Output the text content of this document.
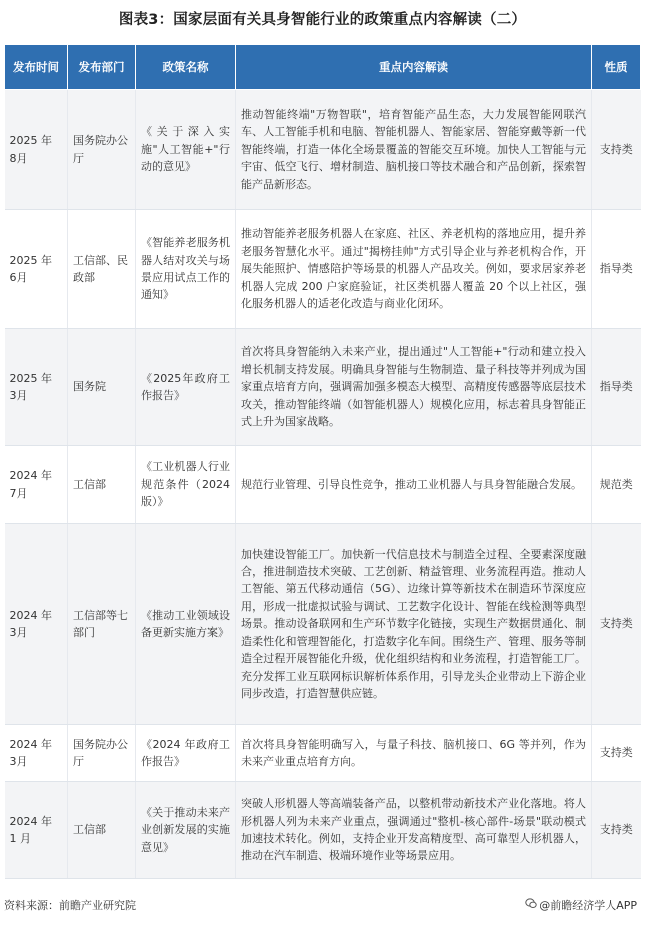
图表3：国家层面有关具身智能行业的政策重点内容解读（二）
发布时间	发布部门	政策名称	重点内容解读	性质
2025 年 8月	国务院办公厅	《关于深入实施"人工智能+"行动的意见》	推动智能终端"万物智联"，培育智能产品生态，大力发展智能网联汽车、人工智能手机和电脑、智能机器人、智能家居、智能穿戴等新一代智能终端，打造一体化全场景覆盖的智能交互环境。加快人工智能与元宇宙、低空飞行、增材制造、脑机接口等技术融合和产品创新，探索智能产品新形态。	支持类
2025 年 6月	工信部、民政部	《智能养老服务机器人结对攻关与场景应用试点工作的通知》	推动智能养老服务机器人在家庭、社区、养老机构的落地应用，提升养老服务智慧化水平。通过"揭榜挂帅"方式引导企业与养老机构合作，开展失能照护、情感陪护等场景的机器人产品攻关。例如，要求居家养老机器人完成 200 户家庭验证，社区类机器人覆盖 20 个以上社区，强化服务机器人的适老化改造与商业化闭环。	指导类
2025 年 3月	国务院	《2025年政府工作报告》	首次将具身智能纳入未来产业，提出通过"人工智能+"行动和建立投入增长机制支持发展。明确具身智能与生物制造、量子科技等并列成为国家重点培育方向，强调需加强多模态大模型、高精度传感器等底层技术攻关，推动智能终端（如智能机器人）规模化应用，标志着具身智能正式上升为国家战略。	指导类
2024 年 7月	工信部	《工业机器人行业规范条件（2024 版）》	规范行业管理、引导良性竞争，推动工业机器人与具身智能融合发展。	规范类
2024 年 3月	工信部等七部门	《推动工业领域设备更新实施方案》	加快建设智能工厂。加快新一代信息技术与制造全过程、全要素深度融合，推进制造技术突破、工艺创新、精益管理、业务流程再造。推动人工智能、第五代移动通信（5G）、边缘计算等新技术在制造环节深度应用，形成一批虚拟试验与调试、工艺数字化设计、智能在线检测等典型场景。推动设备联网和生产环节数字化链接，实现生产数据贯通化、制造柔性化和管理智能化，打造数字化车间。围绕生产、管理、服务等制造全过程开展智能化升级，优化组织结构和业务流程，打造智能工厂。充分发挥工业互联网标识解析体系作用，引导龙头企业带动上下游企业同步改造，打造智慧供应链。	支持类
2024 年 3月	国务院办公厅	《2024 年政府工作报告》	首次将具身智能明确写入，与量子科技、脑机接口、6G 等并列，作为未来产业重点培育方向。	支持类
2024 年 1 月	工信部	《关于推动未来产业创新发展的实施意见》	突破人形机器人等高端装备产品，以整机带动新技术产业化落地。将人形机器人列为未来产业重点，强调通过"整机-核心部件-场景"联动模式加速技术转化。例如，支持企业开发高精度型、高可靠型人形机器人，推动在汽车制造、极端环境作业等场景应用。	支持类
资料来源：前瞻产业研究院	@前瞻经济学人APP
